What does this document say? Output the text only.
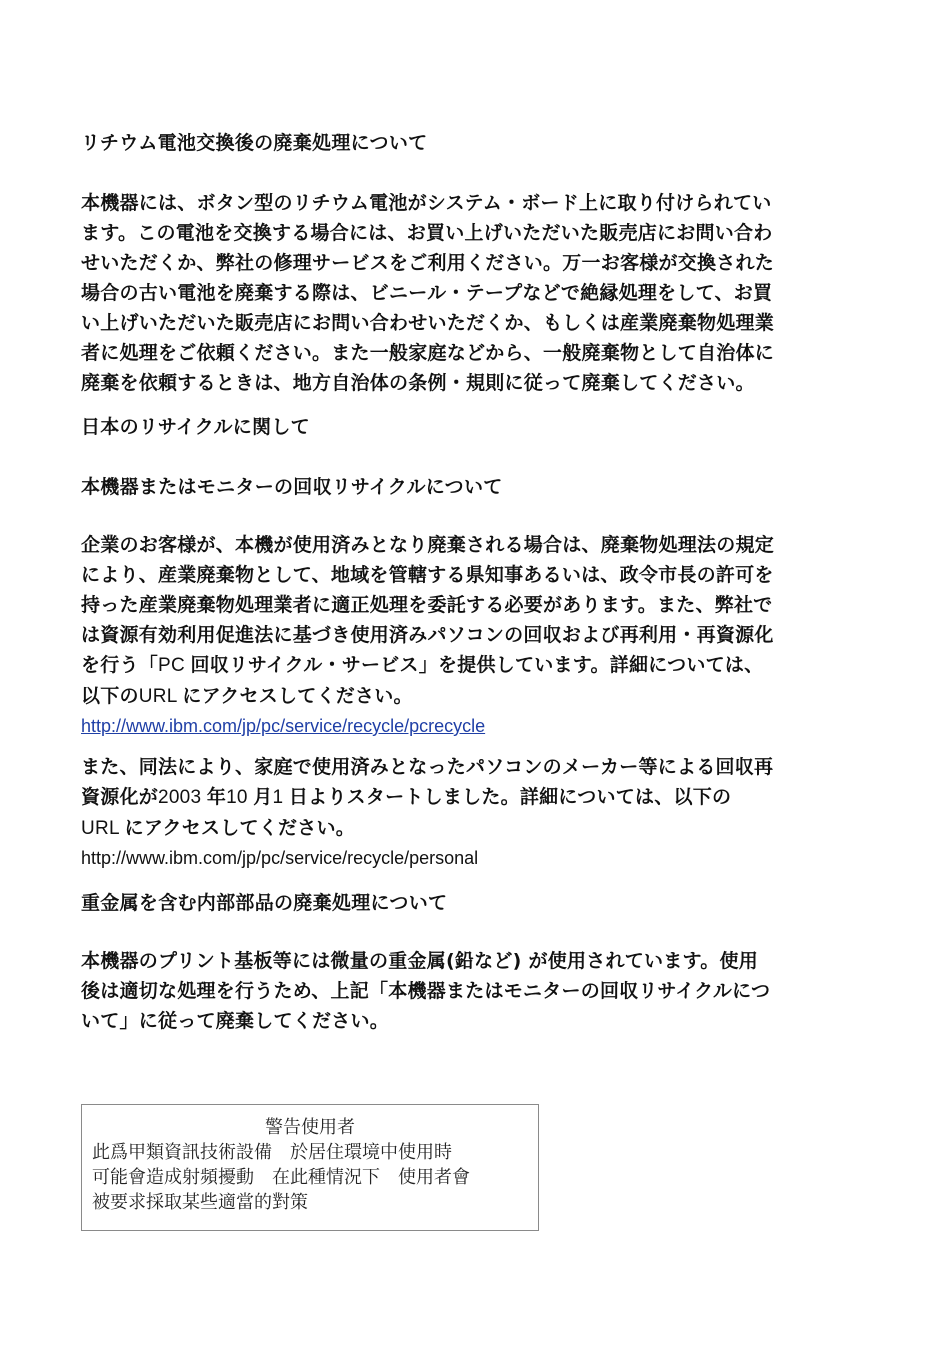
リチウム電池交換後の廃棄処理について

本機器には、ボタン型のリチウム電池がシステム・ボード上に取り付けられてい
ます。この電池を交換する場合には、お買い上げいただいた販売店にお問い合わ
せいただくか、弊社の修理サービスをご利用ください。万一お客様が交換された
場合の古い電池を廃棄する際は、ビニール・テープなどで絶縁処理をして、お買
い上げいただいた販売店にお問い合わせいただくか、もしくは産業廃棄物処理業
者に処理をご依頼ください。また一般家庭などから、一般廃棄物として自治体に
廃棄を依頼するときは、地方自治体の条例・規則に従って廃棄してください。

日本のリサイクルに関して
本機器またはモニターの回収リサイクルについて

企業のお客様が、本機が使用済みとなり廃棄される場合は、廃棄物処理法の規定
により、産業廃棄物として、地域を管轄する県知事あるいは、政令市長の許可を
持った産業廃棄物処理業者に適正処理を委託する必要があります。また、弊社で
は資源有効利用促進法に基づき使用済みパソコンの回収および再利用・再資源化
を行う「PC 回収リサイクル・サービス」を提供しています。詳細については、
以下のURL にアクセスしてください。

http://www.ibm.com/jp/pc/service/recycle/pcrecycle

また、同法により、家庭で使用済みとなったパソコンのメーカー等による回収再
資源化が2003 年10 月1 日よりスタートしました。詳細については、以下の
URL にアクセスしてください。

http://www.ibm.com/jp/pc/service/recycle/personal
重金属を含む内部部品の廃棄処理について

本機器のプリント基板等には微量の重金属(鉛など) が使用されています。使用
後は適切な処理を行うため、上記「本機器またはモニターの回収リサイクルにつ
いて」に従って廃棄してください。

警告使用者
此爲甲類資訊技術設備　於居住環境中使用時
可能會造成射頻擾動　在此種情況下　使用者會
被要求採取某些適當的對策
